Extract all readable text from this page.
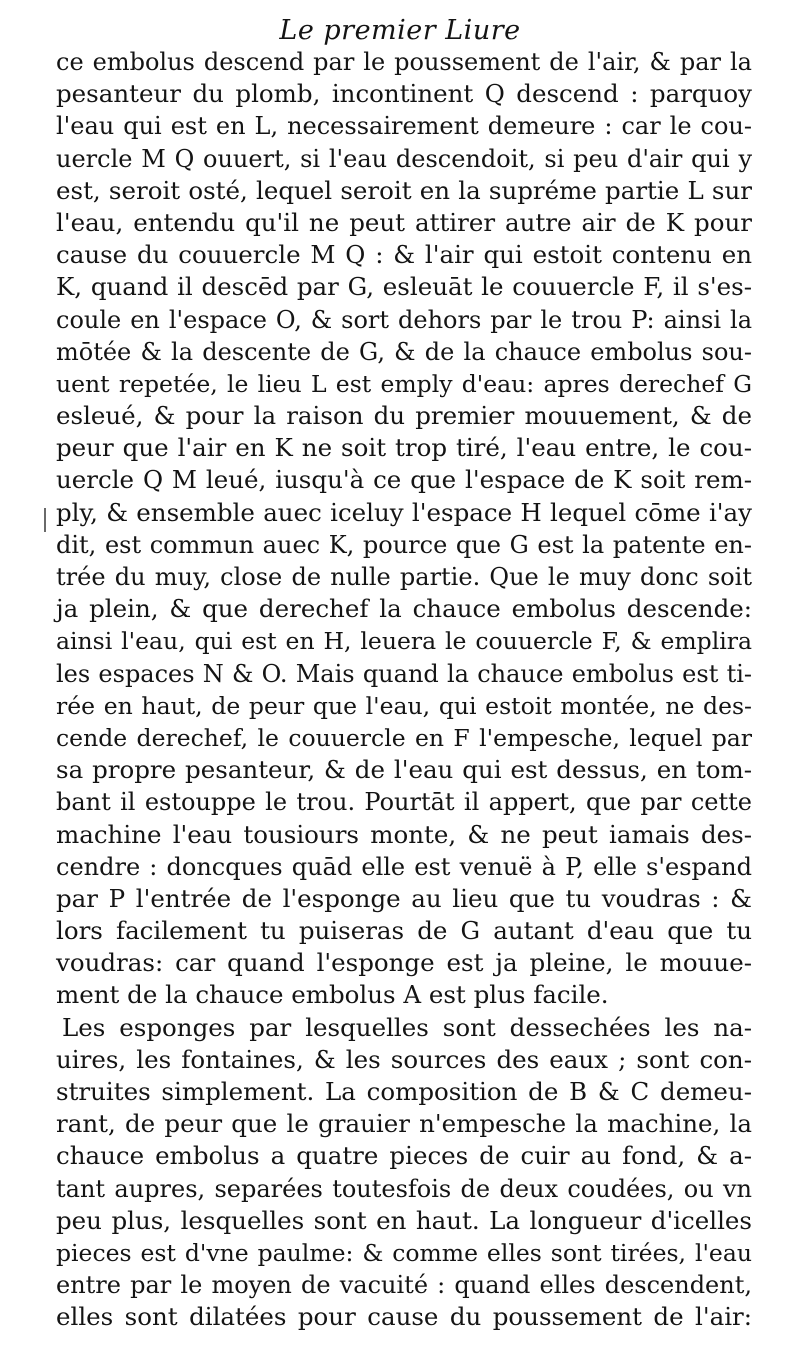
Le premier Liure
ce embolus descend par le poussement de l'air, & par la
pesanteur du plomb, incontinent Q descend : parquoy
l'eau qui est en L, necessairement demeure : car le cou-
uercle M Q ouuert, si l'eau descendoit, si peu d'air qui y
est, seroit osté, lequel seroit en la supréme partie L sur
l'eau, entendu qu'il ne peut attirer autre air de K pour
cause du couuercle M Q : & l'air qui estoit contenu en
K, quand il descēd par G, esleuāt le couuercle F, il s'es-
coule en l'espace O, & sort dehors par le trou P: ainsi la
mōtée & la descente de G, & de la chauce embolus sou-
uent repetée, le lieu L est emply d'eau: apres derechef G
esleué, & pour la raison du premier mouuement, & de
peur que l'air en K ne soit trop tiré, l'eau entre, le cou-
uercle Q M leué, iusqu'à ce que l'espace de K soit rem-
ply, & ensemble auec iceluy l'espace H lequel cōme i'ay
dit, est commun auec K, pource que G est la patente en-
trée du muy, close de nulle partie. Que le muy donc soit
ja plein, & que derechef la chauce embolus descende:
ainsi l'eau, qui est en H, leuera le couuercle F, & emplira
les espaces N & O. Mais quand la chauce embolus est ti-
rée en haut, de peur que l'eau, qui estoit montée, ne des-
cende derechef, le couuercle en F l'empesche, lequel par
sa propre pesanteur, & de l'eau qui est dessus, en tom-
bant il estouppe le trou. Pourtāt il appert, que par cette
machine l'eau tousiours monte, & ne peut iamais des-
cendre : doncques quād elle est venuë à P, elle s'espand
par P l'entrée de l'esponge au lieu que tu voudras : &
lors facilement tu puiseras de G autant d'eau que tu
voudras: car quand l'esponge est ja pleine, le mouue-
ment de la chauce embolus A est plus facile.
Les esponges par lesquelles sont dessechées les na-
uires, les fontaines, & les sources des eaux ; sont con-
struites simplement. La composition de B & C demeu-
rant, de peur que le grauier n'empesche la machine, la
chauce embolus a quatre pieces de cuir au fond, & a-
tant aupres, separées toutesfois de deux coudées, ou vn
peu plus, lesquelles sont en haut. La longueur d'icelles
pieces est d'vne paulme: & comme elles sont tirées, l'eau
entre par le moyen de vacuité : quand elles descendent,
elles sont dilatées pour cause du poussement de l'air:
